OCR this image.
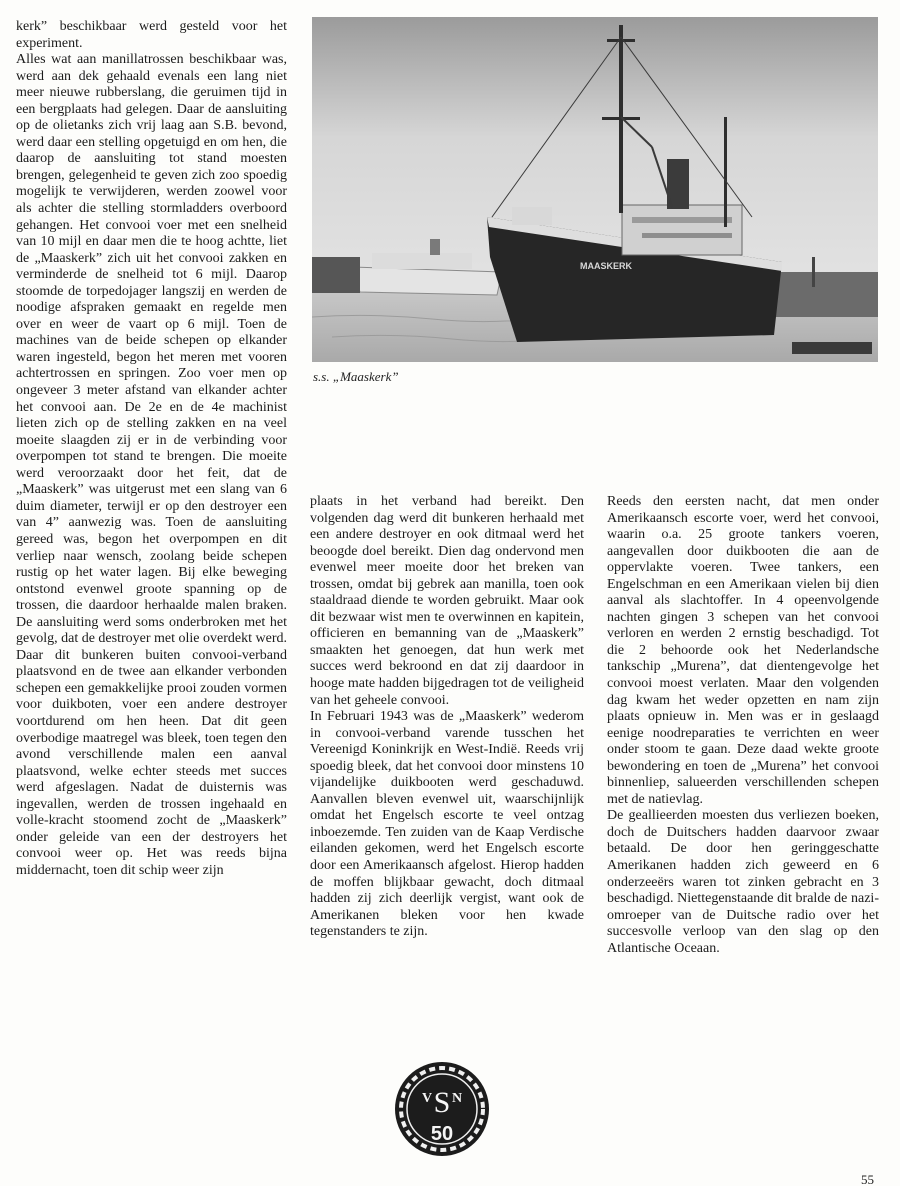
kerk” beschikbaar werd gesteld voor het experiment.

Alles wat aan manillatrossen beschikbaar was, werd aan dek gehaald evenals een lang niet meer nieuwe rubberslang, die geruimen tijd in een bergplaats had gelegen. Daar de aansluiting op de olietanks zich vrij laag aan S.B. bevond, werd daar een stelling opgetuigd en om hen, die daarop de aansluiting tot stand moesten brengen, gelegenheid te geven zich zoo spoedig mogelijk te verwijderen, werden zoowel voor als achter die stelling stormladders overboord gehangen. Het convooi voer met een snelheid van 10 mijl en daar men die te hoog achtte, liet de „Maaskerk” zich uit het convooi zakken en verminderde de snelheid tot 6 mijl. Daarop stoomde de torpedojager langszij en werden de noodige afspraken gemaakt en regelde men over en weer de vaart op 6 mijl. Toen de machines van de beide schepen op elkander waren ingesteld, begon het meren met vooren achtertrossen en springen. Zoo voer men op ongeveer 3 meter afstand van elkander achter het convooi aan. De 2e en de 4e machinist lieten zich op de stelling zakken en na veel moeite slaagden zij er in de verbinding voor overpompen tot stand te brengen. Die moeite werd veroorzaakt door het feit, dat de „Maaskerk” was uitgerust met een slang van 6 duim diameter, terwijl er op den destroyer een van 4” aanwezig was. Toen de aansluiting gereed was, begon het overpompen en dit verliep naar wensch, zoolang beide schepen rustig op het water lagen. Bij elke beweging ontstond evenwel groote spanning op de trossen, die daardoor herhaalde malen braken. De aansluiting werd soms onderbroken met het gevolg, dat de destroyer met olie overdekt werd. Daar dit bunkeren buiten convooi-verband plaatsvond en de twee aan elkander verbonden schepen een gemakkelijke prooi zouden vormen voor duikboten, voer een andere destroyer voortdurend om hen heen. Dat dit geen overbodige maatregel was bleek, toen tegen den avond verschillende malen een aanval plaatsvond, welke echter steeds met succes werd afgeslagen. Nadat de duisternis was ingevallen, werden de trossen ingehaald en volle-kracht stoomend zocht de „Maaskerk” onder geleide van een der destroyers het convooi weer op. Het was reeds bijna middernacht, toen dit schip weer zijn

MAASKERK
s.s. „Maaskerk”

plaats in het verband had bereikt. Den volgenden dag werd dit bunkeren herhaald met een andere destroyer en ook ditmaal werd het beoogde doel bereikt. Dien dag ondervond men evenwel meer moeite door het breken van trossen, omdat bij gebrek aan manilla, toen ook staaldraad diende te worden gebruikt. Maar ook dit bezwaar wist men te overwinnen en kapitein, officieren en bemanning van de „Maaskerk” smaakten het genoegen, dat hun werk met succes werd bekroond en dat zij daardoor in hooge mate hadden bijgedragen tot de veiligheid van het geheele convooi.

In Februari 1943 was de „Maaskerk” wederom in convooi-verband varende tusschen het Vereenigd Koninkrijk en West-Indië. Reeds vrij spoedig bleek, dat het convooi door minstens 10 vijandelijke duikbooten werd geschaduwd. Aanvallen bleven evenwel uit, waarschijnlijk omdat het Engelsch escorte te veel ontzag inboezemde. Ten zuiden van de Kaap Verdische eilanden gekomen, werd het Engelsch escorte door een Amerikaansch afgelost. Hierop hadden de moffen blijkbaar gewacht, doch ditmaal hadden zij zich deerlijk vergist, want ook de Amerikanen bleken voor hen kwade tegenstanders te zijn.

Reeds den eersten nacht, dat men onder Amerikaansch escorte voer, werd het convooi, waarin o.a. 25 groote tankers voeren, aangevallen door duikbooten die aan de oppervlakte voeren. Twee tankers, een Engelschman en een Amerikaan vielen bij dien aanval als slachtoffer. In 4 opeenvolgende nachten gingen 3 schepen van het convooi verloren en werden 2 ernstig beschadigd. Tot die 2 behoorde ook het Nederlandsche tankschip „Murena”, dat dientengevolge het convooi moest verlaten. Maar den volgenden dag kwam het weder opzetten en nam zijn plaats opnieuw in. Men was er in geslaagd eenige noodreparaties te verrichten en weer onder stoom te gaan. Deze daad wekte groote bewondering en toen de „Murena” het convooi binnenliep, salueerden verschillenden schepen met de natievlag.

De geallieerden moesten dus verliezen boeken, doch de Duitschers hadden daarvoor zwaar betaald. De door hen geringgeschatte Amerikanen hadden zich geweerd en 6 onderzeeërs waren tot zinken gebracht en 3 beschadigd. Niettegenstaande dit bralde de nazi-omroeper van de Duitsche radio over het succesvolle verloop van den slag op den Atlantische Oceaan.

V N
S
50
55
